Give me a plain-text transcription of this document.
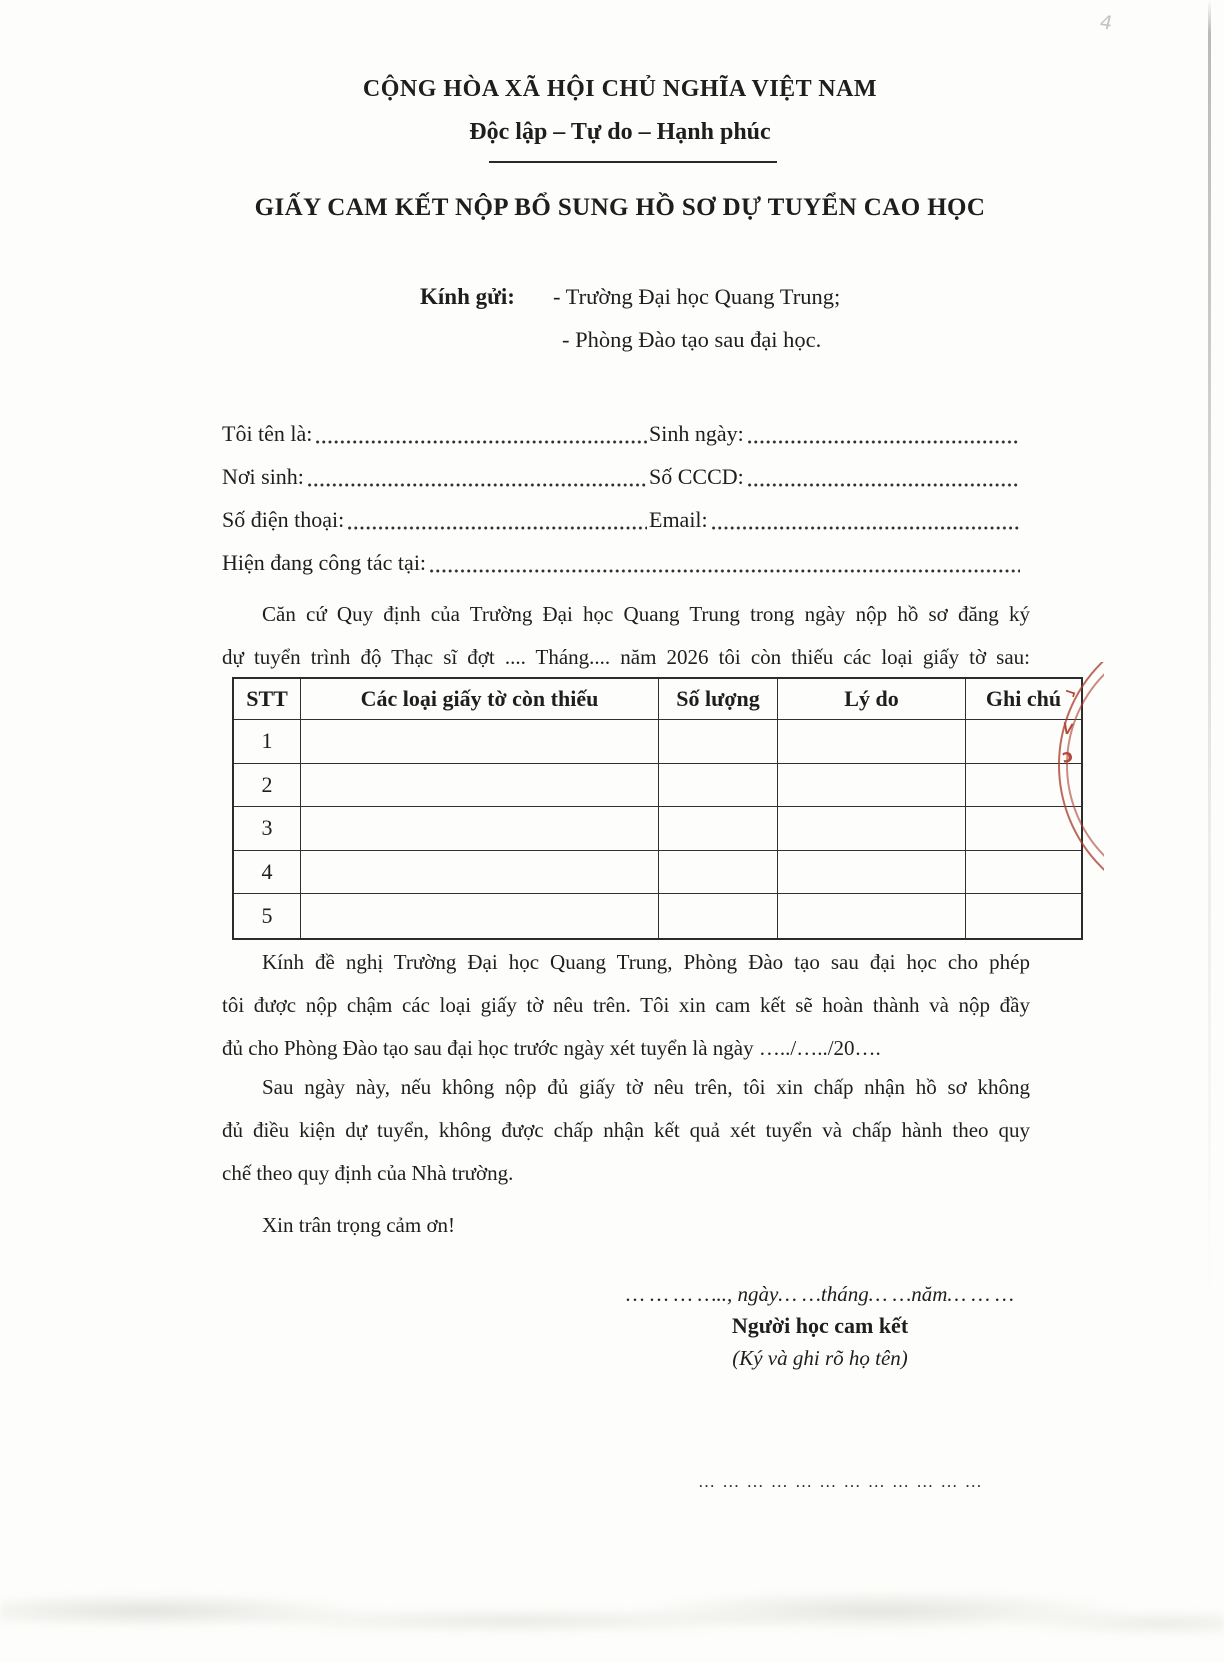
CỘNG HÒA XÃ HỘI CHỦ NGHĨA VIỆT NAM
Độc lập – Tự do – Hạnh phúc
GIẤY CAM KẾT NỘP BỔ SUNG HỒ SƠ DỰ TUYỂN CAO HỌC
Kính gửi: - Trường Đại học Quang Trung;
- Phòng Đào tạo sau đại học.
Tôi tên là:	Sinh ngày:
Nơi sinh:	Số CCCD:
Số điện thoại:	Email:
Hiện đang công tác tại:
Căn cứ Quy định của Trường Đại học Quang Trung trong ngày nộp hồ sơ đăng ký
dự tuyển trình độ Thạc sĩ đợt .... Tháng.... năm 2026 tôi còn thiếu các loại giấy tờ sau:
STT	Các loại giấy tờ còn thiếu	Số lượng	Lý do	Ghi chú
1
2
3
4
5
Kính đề nghị Trường Đại học Quang Trung, Phòng Đào tạo sau đại học cho phép
tôi được nộp chậm các loại giấy tờ nêu trên. Tôi xin cam kết sẽ hoàn thành và nộp đầy
đủ cho Phòng Đào tạo sau đại học trước ngày xét tuyển là ngày …../…../20….
Sau ngày này, nếu không nộp đủ giấy tờ nêu trên, tôi xin chấp nhận hồ sơ không
đủ điều kiện dự tuyển, không được chấp nhận kết quả xét tuyển và chấp hành theo quy
chế theo quy định của Nhà trường.
Xin trân trọng cảm ơn!
… … … ….., ngày… …tháng… …năm… … …
Người học cam kết
(Ký và ghi rõ họ tên)
… … … … … … … … … … … …
4
¬
>
c
